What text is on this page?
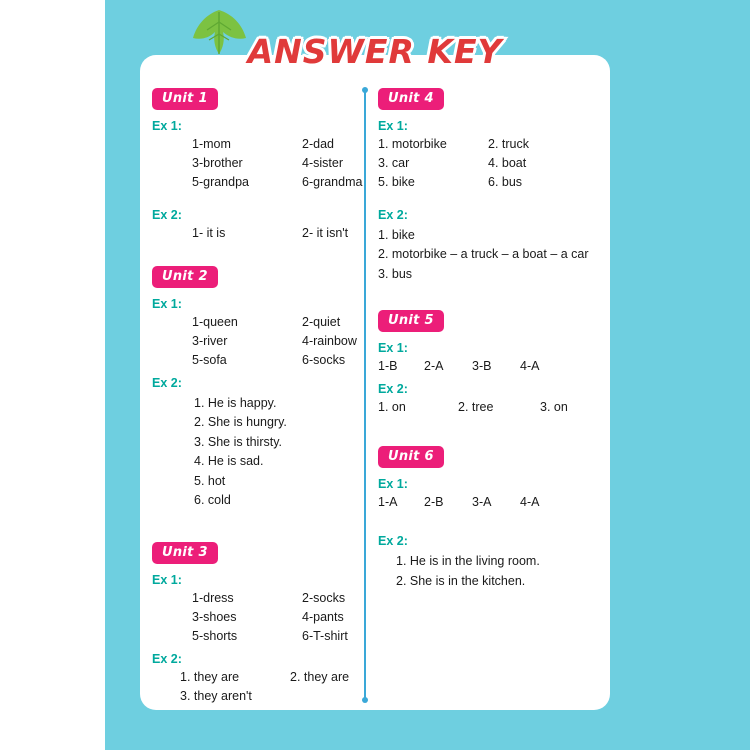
ANSWER KEY
Unit 1
Ex 1:
1-mom	2-dad
3-brother	4-sister
5-grandpa	6-grandma
Ex 2:
1- it is	2- it isn't
Unit 2
Ex 1:
1-queen	2-quiet
3-river	4-rainbow
5-sofa	6-socks
Ex 2:
1. He is happy.
2. She is hungry.
3. She is thirsty.
4. He is sad.
5. hot
6. cold
Unit 3
Ex 1:
1-dress	2-socks
3-shoes	4-pants
5-shorts	6-T-shirt
Ex 2:
1. they are	2. they are
3. they aren't
Unit 4
Ex 1:
1. motorbike	2. truck
3. car	4. boat
5. bike	6. bus
Ex 2:
1. bike
2. motorbike – a truck – a boat – a car
3. bus
Unit 5
Ex 1:
1-B	2-A	3-B	4-A
Ex 2:
1. on	2. tree	3. on
Unit 6
Ex 1:
1-A	2-B	3-A	4-A
Ex 2:
1. He is in the living room.
2. She is in the kitchen.
